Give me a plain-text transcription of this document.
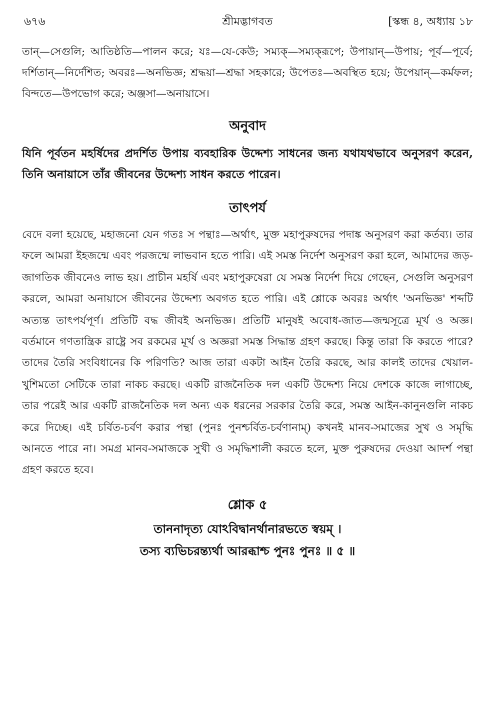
৬৭৬	শ্রীমদ্ভাগবত	[স্কন্ধ ৪, অধ্যায় ১৮

তান্—সেগুলি; আতিষ্ঠতি—পালন করে; যঃ—যে-কেউ; সম্যক্—সম্যক্‌রূপে; উপায়ান্—উপায়; পূর্ব—পূর্বে; দর্শিতান্—নির্দেশিত; অবরঃ—অনভিজ্ঞ; শ্রদ্ধয়া—শ্রদ্ধা সহকারে; উপেতঃ—অবস্থিত হয়ে; উপেয়ান্—কর্মফল; বিন্দতে—উপভোগ করে; অঞ্জসা—অনায়াসে।

অনুবাদ

যিনি পূর্বতন মহর্ষিদের প্রদর্শিত উপায় ব্যবহারিক উদ্দেশ্য সাধনের জন্য যথাযথভাবে অনুসরণ করেন, তিনি অনায়াসে তাঁর জীবনের উদ্দেশ্য সাধন করতে পারেন।

তাৎপর্য

বেদে বলা হয়েছে, মহাজনো যেন গতঃ স পন্থাঃ—অর্থাৎ, মুক্ত মহাপুরুষদের পদাঙ্ক অনুসরণ করা কর্তব্য। তার ফলে আমরা ইহজন্মে এবং পরজন্মে লাভবান হতে পারি। এই সমস্ত নির্দেশ অনুসরণ করা হলে, আমাদের জড়-জাগতিক জীবনেও লাভ হয়। প্রাচীন মহর্ষি এবং মহাপুরুষেরা যে সমস্ত নির্দেশ দিয়ে গেছেন, সেগুলি অনুসরণ করলে, আমরা অনায়াসে জীবনের উদ্দেশ্য অবগত হতে পারি। এই শ্লোকে অবরঃ অর্থাৎ 'অনভিজ্ঞ' শব্দটি অত্যন্ত তাৎপর্যপূর্ণ। প্রতিটি বদ্ধ জীবই অনভিজ্ঞ। প্রতিটি মানুষই অবোধ-জাত—জন্মসূত্রে মূর্খ ও অজ্ঞ। বর্তমানে গণতান্ত্রিক রাষ্ট্রে সব রকমের মূর্খ ও অজ্ঞরা সমস্ত সিদ্ধান্ত গ্রহণ করছে। কিন্তু তারা কি করতে পারে? তাদের তৈরি সংবিধানের কি পরিণতি? আজ তারা একটা আইন তৈরি করছে, আর কালই তাদের খেয়াল-খুশিমতো সেটিকে তারা নাকচ করছে। একটি রাজনৈতিক দল একটি উদ্দেশ্য নিয়ে দেশকে কাজে লাগাচ্ছে, তার পরেই আর একটি রাজনৈতিক দল অন্য এক ধরনের সরকার তৈরি করে, সমস্ত আইন-কানুনগুলি নাকচ করে দিচ্ছে। এই চর্বিত-চর্বণ করার পন্থা (পুনঃ পুনশ্চর্বিত-চর্বণানাম্) কখনই মানব-সমাজের সুখ ও সমৃদ্ধি আনতে পারে না। সমগ্র মানব-সমাজকে সুখী ও সমৃদ্ধিশালী করতে হলে, মুক্ত পুরুষদের দেওয়া আদর্শ পন্থা গ্রহণ করতে হবে।

শ্লোক ৫

তাননাদৃত্য যোঽবিদ্বানর্থানারভতে স্বয়ম্ ।

তস্য ব্যভিচরন্ত্যর্থা আরব্ধাশ্চ পুনঃ পুনঃ ॥ ৫ ॥
